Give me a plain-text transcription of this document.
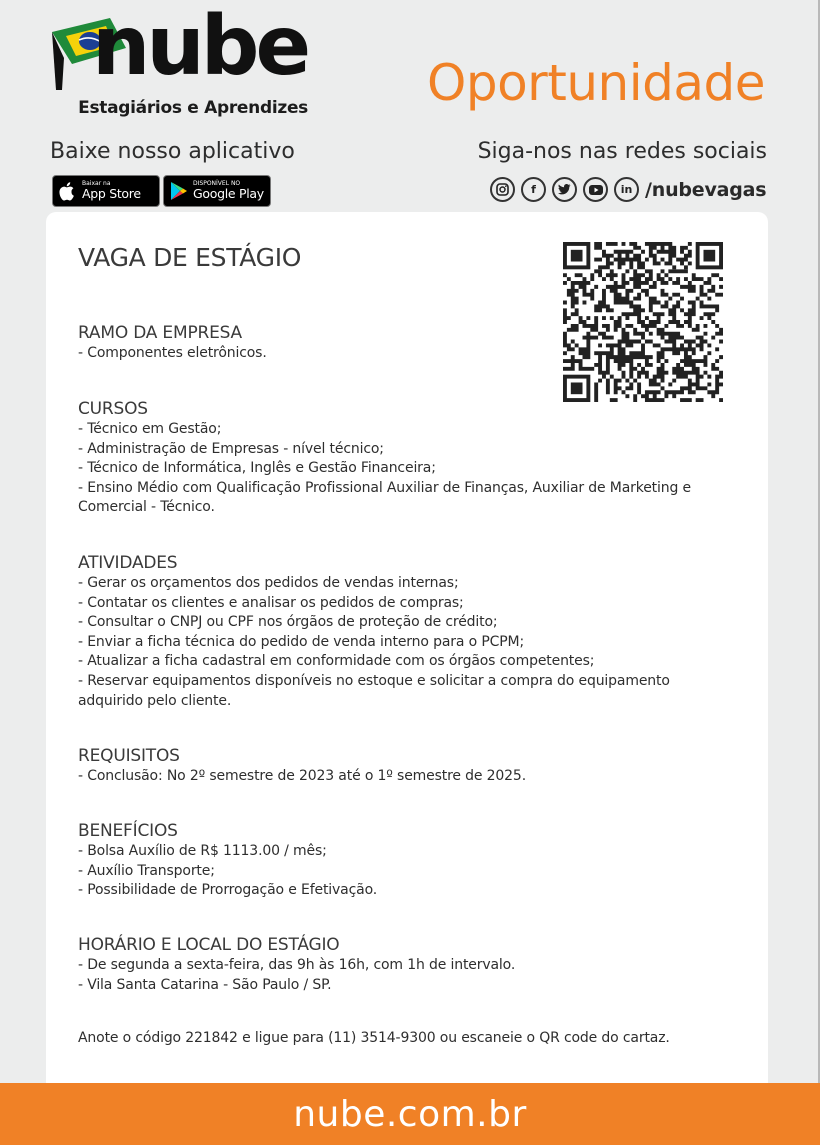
nube
Estagiários e Aprendizes Oportunidade
Baixe nosso aplicativo	Siga-nos nas redes sociais
Baixar na
App Store
DISPONÍVEL NO
Google Play	f	in /nubevagas
VAGA DE ESTÁGIO

RAMO DA EMPRESA

- Componentes eletrônicos.

CURSOS

- Técnico em Gestão;
- Administração de Empresas - nível técnico;
- Técnico de Informática, Inglês e Gestão Financeira;
- Ensino Médio com Qualificação Profissional Auxiliar de Finanças, Auxiliar de Marketing e
Comercial - Técnico.

ATIVIDADES

- Gerar os orçamentos dos pedidos de vendas internas;
- Contatar os clientes e analisar os pedidos de compras;
- Consultar o CNPJ ou CPF nos órgãos de proteção de crédito;
- Enviar a ficha técnica do pedido de venda interno para o PCPM;
- Atualizar a ficha cadastral em conformidade com os órgãos competentes;
- Reservar equipamentos disponíveis no estoque e solicitar a compra do equipamento
adquirido pelo cliente.

REQUISITOS

- Conclusão: No 2º semestre de 2023 até o 1º semestre de 2025.

BENEFÍCIOS

- Bolsa Auxílio de R$ 1113.00 / mês;
- Auxílio Transporte;
- Possibilidade de Prorrogação e Efetivação.

HORÁRIO E LOCAL DO ESTÁGIO

- De segunda a sexta-feira, das 9h às 16h, com 1h de intervalo.
- Vila Santa Catarina - São Paulo / SP.
Anote o código 221842 e ligue para (11) 3514-9300 ou escaneie o QR code do cartaz.
nube.com.br
